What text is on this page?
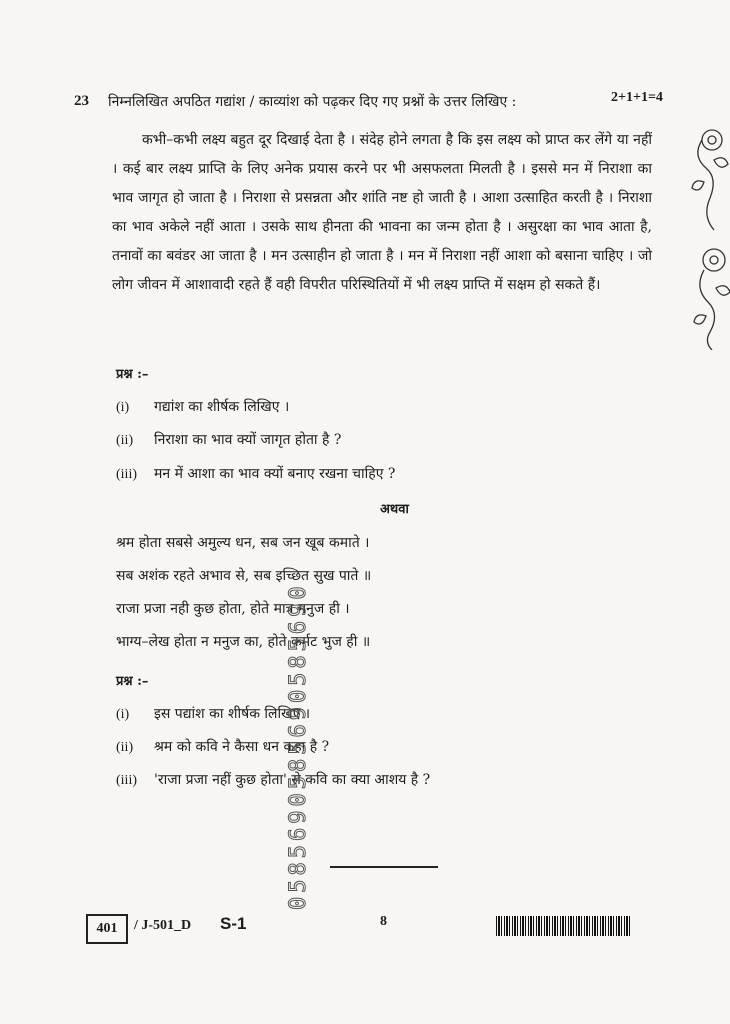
23 निम्नलिखित अपठित गद्यांश / काव्यांश को पढ़कर दिए गए प्रश्नों के उत्तर लिखिए :	2+1+1=4
कभी–कभी लक्ष्य बहुत दूर दिखाई देता है । संदेह होने लगता है कि इस लक्ष्य को प्राप्त कर लेंगे या नहीं । कई बार लक्ष्य प्राप्ति के लिए अनेक प्रयास करने पर भी असफलता मिलती है । इससे मन में निराशा का भाव जागृत हो जाता है । निराशा से प्रसन्नता और शांति नष्ट हो जाती है । आशा उत्साहित करती है । निराशा का भाव अकेले नहीं आता । उसके साथ हीनता की भावना का जन्म होता है । असुरक्षा का भाव आता है, तनावों का बवंडर आ जाता है । मन उत्साहीन हो जाता है । मन में निराशा नहीं आशा को बसाना चाहिए । जो लोग जीवन में आशावादी रहते हैं वही विपरीत परिस्थितियों में भी लक्ष्य प्राप्ति में सक्षम हो सकते हैं।
प्रश्न :–
(i) गद्यांश का शीर्षक लिखिए ।
(ii) निराशा का भाव क्यों जागृत होता है ?
(iii) मन में आशा का भाव क्यों बनाए रखना चाहिए ?
अथवा
श्रम होता सबसे अमुल्य धन, सब जन खूब कमाते ।
सब अशंक रहते अभाव से, सब इच्छित सुख पाते ॥
राजा प्रजा नही कुछ होता, होते मात्र मनुज ही ।
भाग्य–लेख होता न मनुज का, होते कर्मट भुज ही ॥
प्रश्न :–
(i) इस पद्यांश का शीर्षक लिखिए ।
(ii) श्रम को कवि ने कैसा धन कहा है ?
(iii) 'राजा प्रजा नहीं कुछ होता' से कवि का क्या आशय है ?
0585690585690585690
401	/ J-501_D S-1	8
